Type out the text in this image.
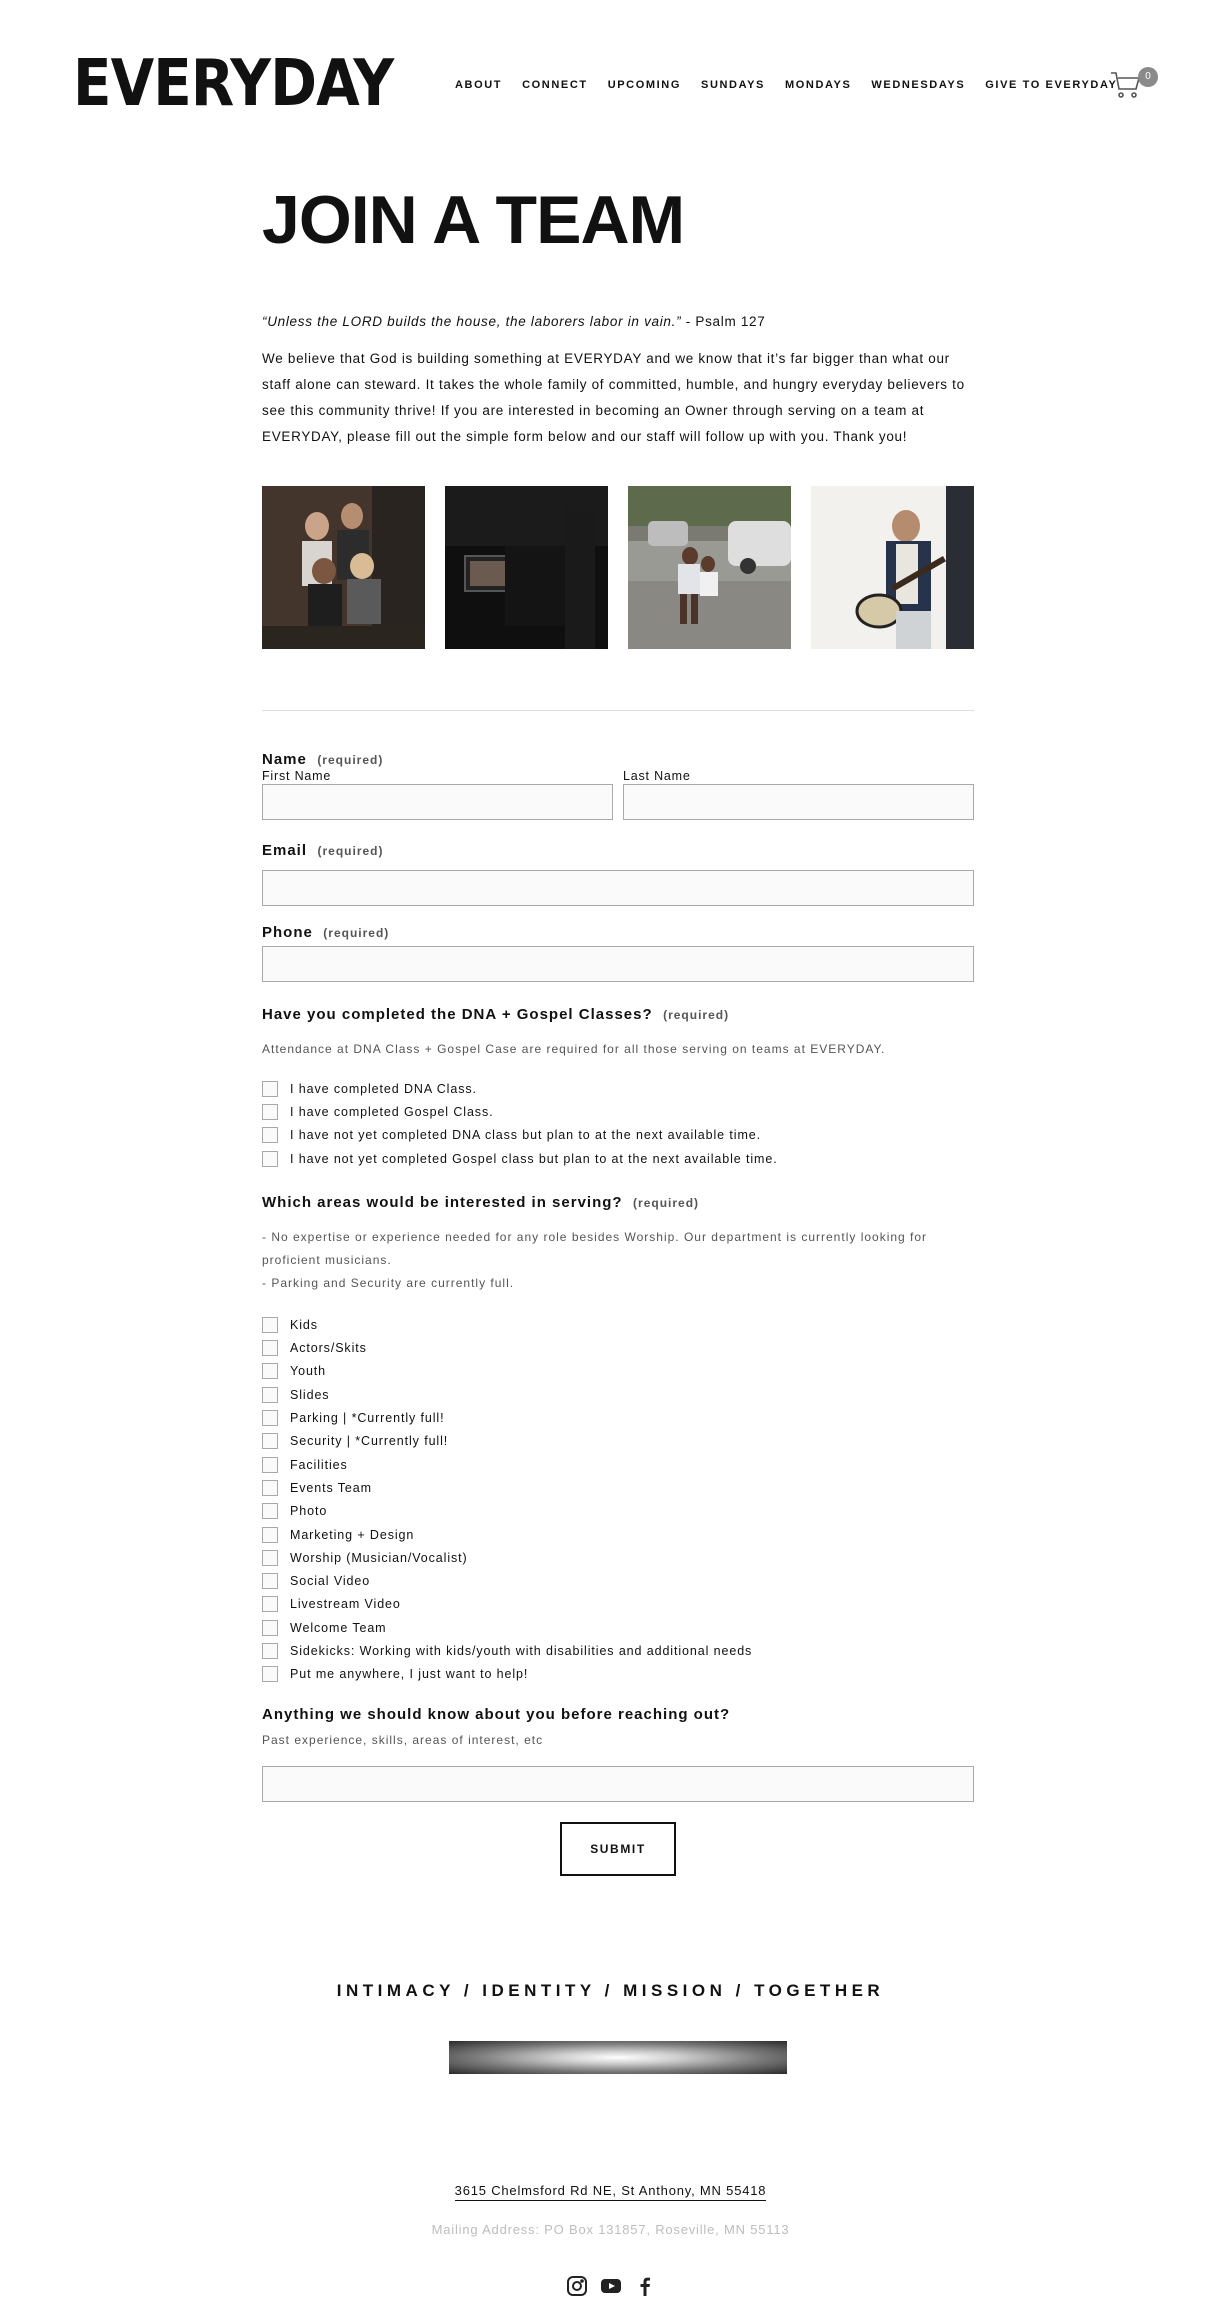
EVERYDAY	ABOUT CONNECT UPCOMING SUNDAYS MONDAYS WEDNESDAYS GIVE TO EVERYDAY
0
JOIN A TEAM

“Unless the LORD builds the house, the laborers labor in vain.” - Psalm 127

We believe that God is building something at EVERYDAY and we know that it’s far bigger than what our staff alone can steward. It takes the whole family of committed, humble, and hungry everyday believers to see this community thrive! If you are interested in becoming an Owner through serving on a team at EVERYDAY, please fill out the simple form below and our staff will follow up with you. Thank you!

Name (required)
First Name	Last Name
Email (required)
Phone (required)
Have you completed the DNA + Gospel Classes? (required)
Attendance at DNA Class + Gospel Case are required for all those serving on teams at EVERYDAY.
I have completed DNA Class.
I have completed Gospel Class.
I have not yet completed DNA class but plan to at the next available time.
I have not yet completed Gospel class but plan to at the next available time.
Which areas would be interested in serving? (required)
- No expertise or experience needed for any role besides Worship. Our department is currently looking for proficient musicians.
- Parking and Security are currently full.
Kids
Actors/Skits
Youth
Slides
Parking | *Currently full!
Security | *Currently full!
Facilities
Events Team
Photo
Marketing + Design
Worship (Musician/Vocalist)
Social Video
Livestream Video
Welcome Team
Sidekicks: Working with kids/youth with disabilities and additional needs
Put me anywhere, I just want to help!
Anything we should know about you before reaching out?
Past experience, skills, areas of interest, etc
SUBMIT
INTIMACY / IDENTITY / MISSION / TOGETHER
3615 Chelmsford Rd NE, St Anthony, MN 55418
Mailing Address: PO Box 131857, Roseville, MN 55113
